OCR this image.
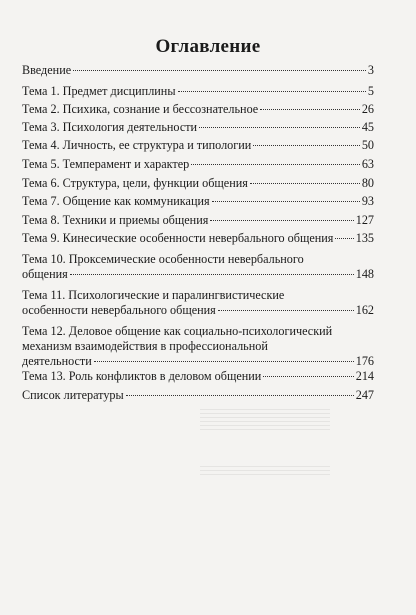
Оглавление
Введение	3
Тема 1. Предмет дисциплины	5
Тема 2. Психика, сознание и бессознательное	26
Тема 3. Психология деятельности	45
Тема 4. Личность, ее структура и типологии	50
Тема 5. Темперамент и характер	63
Тема 6. Структура, цели, функции общения	80
Тема 7. Общение как коммуникация	93
Тема 8. Техники и приемы общения	127
Тема 9. Кинесические особенности невербального общения 135
Тема 10. Проксемические особенности невербального
общения	148
Тема 11. Психологические и паралингвистические
особенности невербального общения	162
Тема 12. Деловое общение как социально-психологический
механизм взаимодействия в профессиональной
деятельности	176
Тема 13. Роль конфликтов в деловом общении	214
Список литературы	247
